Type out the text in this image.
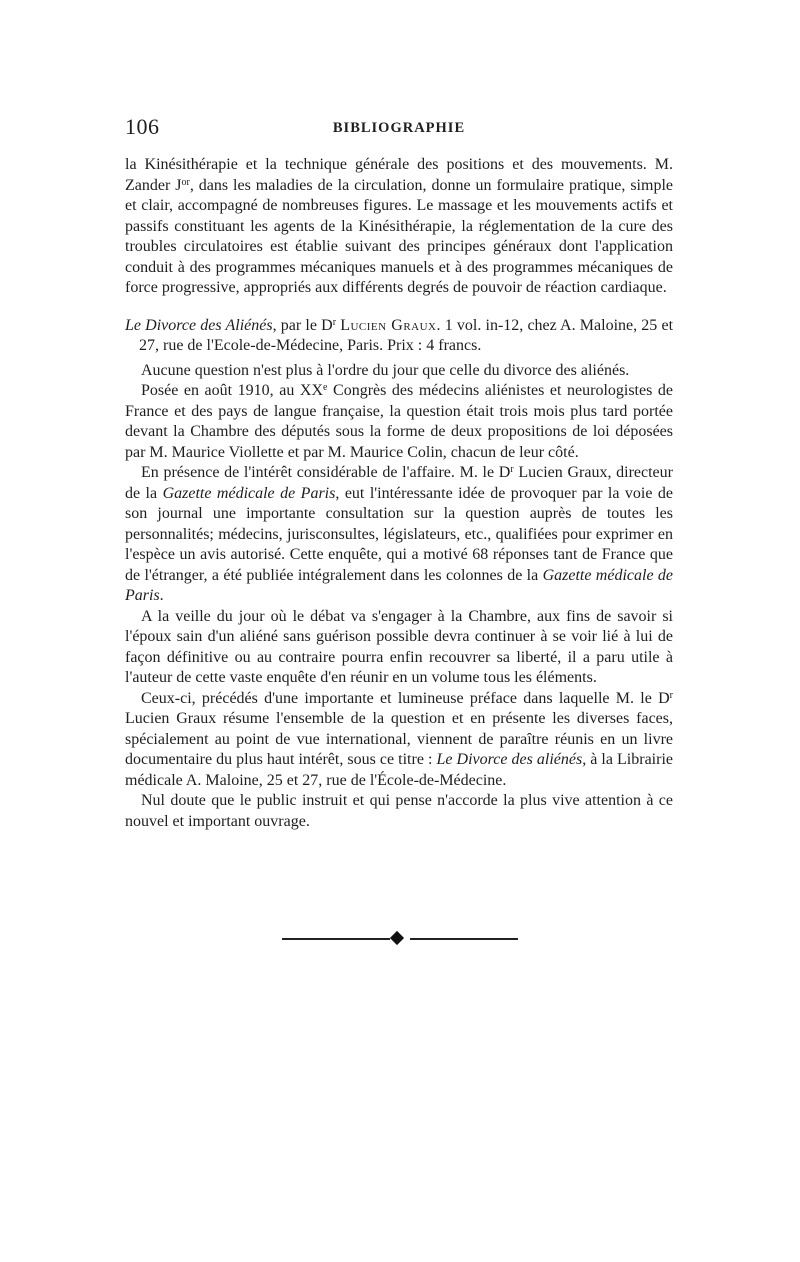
106	BIBLIOGRAPHIE

la Kinésithérapie et la technique générale des positions et des mouvements. M. Zander $J^{or}$, dans les maladies de la circulation, donne un formulaire pratique, simple et clair, accompagné de nombreuses figures. Le massage et les mouvements actifs et passifs constituant les agents de la Kinésithérapie, la réglementation de la cure des troubles circulatoires est établie suivant des principes généraux dont l'application conduit à des programmes mécaniques manuels et à des programmes mécaniques de force progressive, appropriés aux différents degrés de pouvoir de réaction cardiaque.

Le Divorce des Aliénés, par le $D^r$ Lucien Graux. 1 vol. in-12, chez A. Maloine, 25 et 27, rue de l'Ecole-de-Médecine, Paris. Prix : 4 francs.

Aucune question n'est plus à l'ordre du jour que celle du divorce des aliénés.

Posée en août 1910, au XXe Congrès des médecins aliénistes et neurologistes de France et des pays de langue française, la question était trois mois plus tard portée devant la Chambre des députés sous la forme de deux propositions de loi déposées par M. Maurice Viollette et par M. Maurice Colin, chacun de leur côté.

En présence de l'intérêt considérable de l'affaire. M. le $D^r$ Lucien Graux, directeur de la Gazette médicale de Paris, eut l'intéressante idée de provoquer par la voie de son journal une importante consultation sur la question auprès de toutes les personnalités; médecins, jurisconsultes, législateurs, etc., qualifiées pour exprimer en l'espèce un avis autorisé. Cette enquête, qui a motivé 68 réponses tant de France que de l'étranger, a été publiée intégralement dans les colonnes de la Gazette médicale de Paris.

A la veille du jour où le débat va s'engager à la Chambre, aux fins de savoir si l'époux sain d'un aliéné sans guérison possible devra continuer à se voir lié à lui de façon définitive ou au contraire pourra enfin recouvrer sa liberté, il a paru utile à l'auteur de cette vaste enquête d'en réunir en un volume tous les éléments.

Ceux-ci, précédés d'une importante et lumineuse préface dans laquelle M. le $D^r$ Lucien Graux résume l'ensemble de la question et en présente les diverses faces, spécialement au point de vue international, viennent de paraître réunis en un livre documentaire du plus haut intérêt, sous ce titre : Le Divorce des aliénés, à la Librairie médicale A. Maloine, 25 et 27, rue de l'École-de-Médecine.

Nul doute que le public instruit et qui pense n'accorde la plus vive attention à ce nouvel et important ouvrage.
